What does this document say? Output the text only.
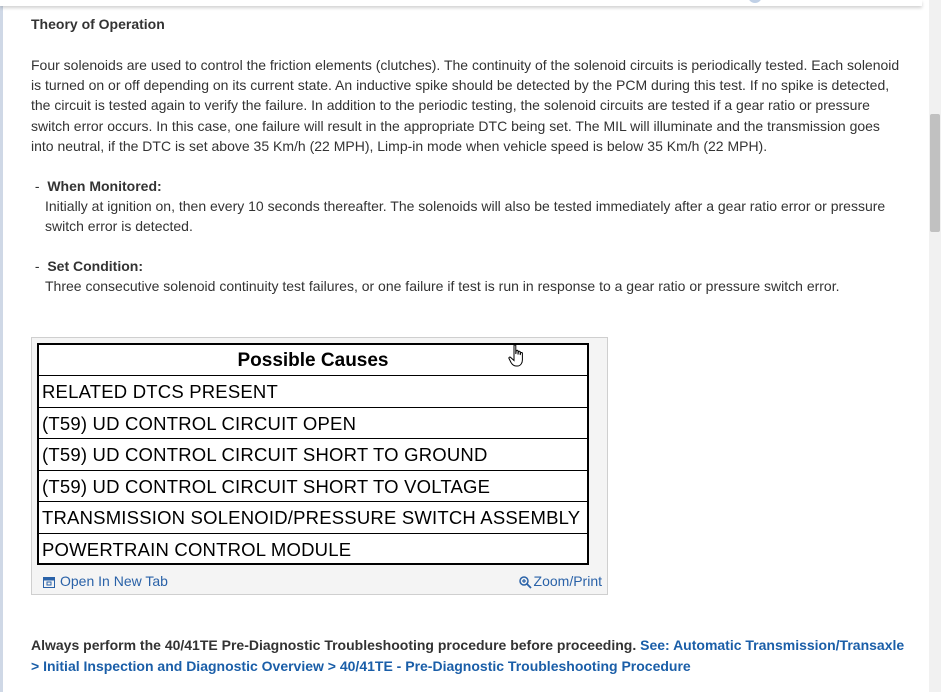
Theory of Operation
Four solenoids are used to control the friction elements (clutches). The continuity of the solenoid circuits is periodically tested. Each solenoid is turned on or off depending on its current state. An inductive spike should be detected by the PCM during this test. If no spike is detected, the circuit is tested again to verify the failure. In addition to the periodic testing, the solenoid circuits are tested if a gear ratio or pressure switch error occurs. In this case, one failure will result in the appropriate DTC being set. The MIL will illuminate and the transmission goes into neutral, if the DTC is set above 35 Km/h (22 MPH), Limp-in mode when vehicle speed is below 35 Km/h (22 MPH).
- When Monitored:
Initially at ignition on, then every 10 seconds thereafter. The solenoids will also be tested immediately after a gear ratio error or pressure switch error is detected.
- Set Condition:
Three consecutive solenoid continuity test failures, or one failure if test is run in response to a gear ratio or pressure switch error.
Possible Causes
RELATED DTCS PRESENT
(T59) UD CONTROL CIRCUIT OPEN
(T59) UD CONTROL CIRCUIT SHORT TO GROUND
(T59) UD CONTROL CIRCUIT SHORT TO VOLTAGE
TRANSMISSION SOLENOID/PRESSURE SWITCH ASSEMBLY
POWERTRAIN CONTROL MODULE
Open In New Tab	Zoom/Print
Always perform the 40/41TE Pre-Diagnostic Troubleshooting procedure before proceeding. See: Automatic Transmission/Transaxle > Initial Inspection and Diagnostic Overview > 40/41TE - Pre-Diagnostic Troubleshooting Procedure
